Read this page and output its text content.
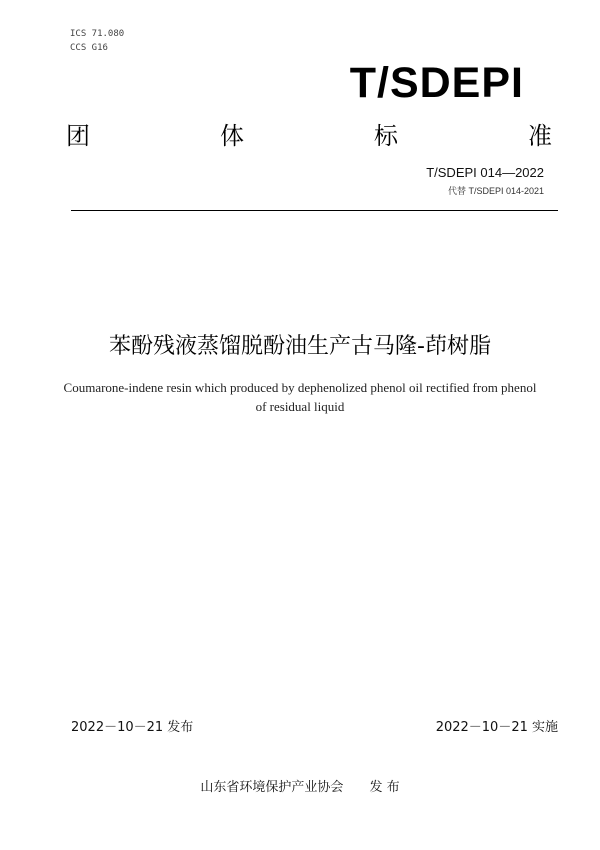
ICS 71.080
CCS G16
T/SDEPI
团	体	标	准
T/SDEPI 014—2022
代替 T/SDEPI 014-2021
苯酚残液蒸馏脱酚油生产古马隆-茚树脂
Coumarone-indene resin which produced by dephenolized phenol oil rectified from phenol of residual liquid
2022－10－21 发布	2022－10－21 实施
山东省环境保护产业协会 发 布
